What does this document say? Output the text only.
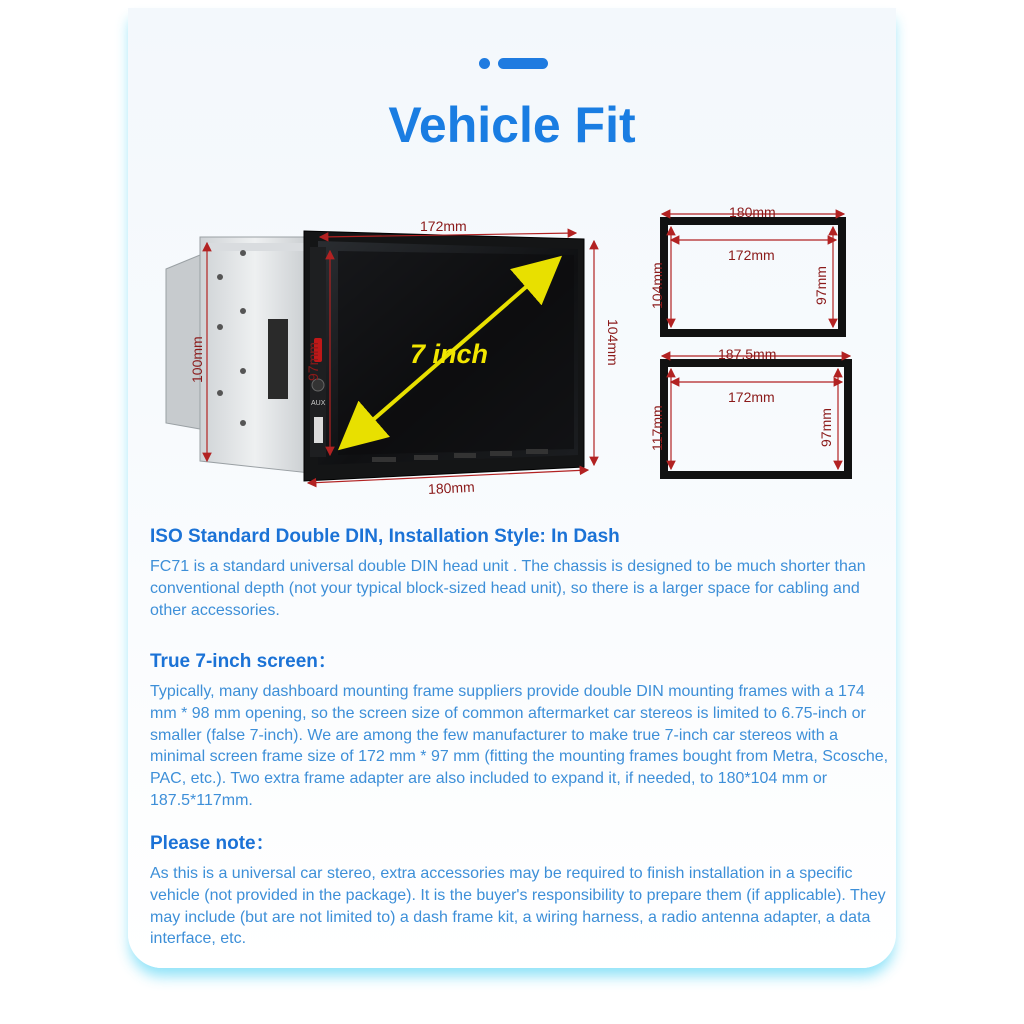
Vehicle Fit
AUX
7 inch
172mm
180mm
97mm	104mm
100mm
180mm
172mm
104mm	97mm
187.5mm
172mm
117mm	97mm
ISO Standard Double DIN, Installation Style: In Dash

FC71 is a standard universal double DIN head unit . The chassis is designed to be much shorter than conventional depth (not your typical block-sized head unit), so there is a larger space for cabling and other accessories.

True 7-inch screen：

Typically, many dashboard mounting frame suppliers provide double DIN mounting frames with a 174 mm * 98 mm opening, so the screen size of common aftermarket car stereos is limited to 6.75-inch or smaller (false 7-inch). We are among the few manufacturer to make true 7-inch car stereos with a minimal screen frame size of 172 mm * 97 mm (fitting the mounting frames bought from Metra, Scosche, PAC, etc.). Two extra frame adapter are also included to expand it, if needed, to 180*104 mm or 187.5*117mm.

Please note：

As this is a universal car stereo, extra accessories may be required to finish installation in a specific vehicle (not provided in the package). It is the buyer's responsibility to prepare them (if applicable). They may include (but are not limited to) a dash frame kit, a wiring harness, a radio antenna adapter, a data interface, etc.
